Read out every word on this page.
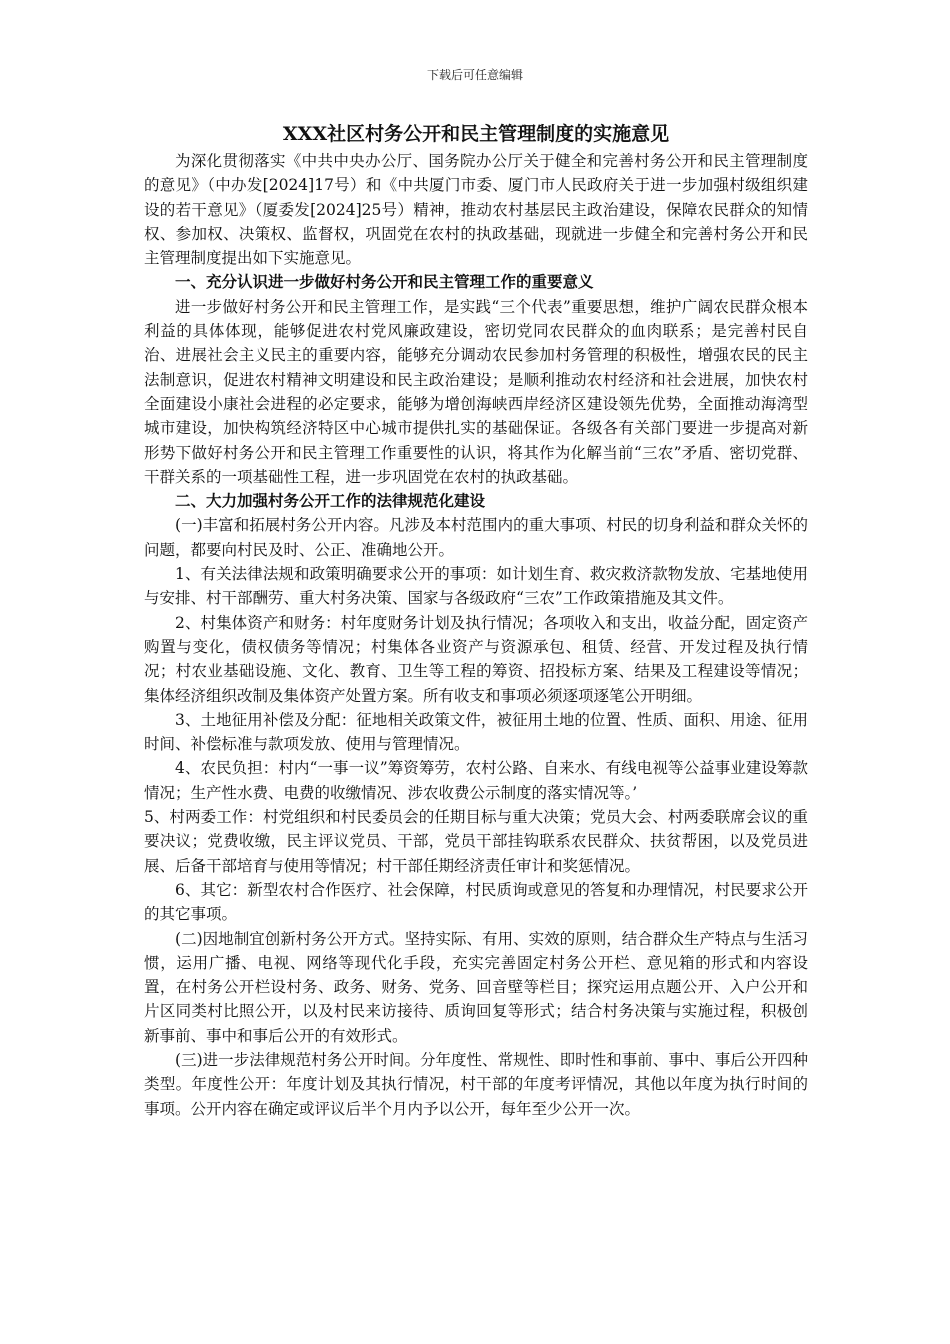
下载后可任意编辑

XXX社区村务公开和民主管理制度的实施意见

为深化贯彻落实《中共中央办公厅、国务院办公厅关于健全和完善村务公开和民主管理制度的意见》（中办发[2024]17号）和《中共厦门市委、厦门市人民政府关于进一步加强村级组织建设的若干意见》（厦委发[2024]25号）精神，推动农村基层民主政治建设，保障农民群众的知情权、参加权、决策权、监督权，巩固党在农村的执政基础，现就进一步健全和完善村务公开和民主管理制度提出如下实施意见。

一、充分认识进一步做好村务公开和民主管理工作的重要意义

进一步做好村务公开和民主管理工作，是实践“三个代表”重要思想，维护广阔农民群众根本利益的具体体现，能够促进农村党风廉政建设，密切党同农民群众的血肉联系；是完善村民自治、进展社会主义民主的重要内容，能够充分调动农民参加村务管理的积极性，增强农民的民主法制意识，促进农村精神文明建设和民主政治建设；是顺利推动农村经济和社会进展，加快农村全面建设小康社会进程的必定要求，能够为增创海峡西岸经济区建设领先优势，全面推动海湾型城市建设，加快构筑经济特区中心城市提供扎实的基础保证。各级各有关部门要进一步提高对新形势下做好村务公开和民主管理工作重要性的认识，将其作为化解当前“三农”矛盾、密切党群、干群关系的一项基础性工程，进一步巩固党在农村的执政基础。

二、大力加强村务公开工作的法律规范化建设

(一)丰富和拓展村务公开内容。凡涉及本村范围内的重大事项、村民的切身利益和群众关怀的问题，都要向村民及时、公正、准确地公开。

1、有关法律法规和政策明确要求公开的事项：如计划生育、救灾救济款物发放、宅基地使用与安排、村干部酬劳、重大村务决策、国家与各级政府“三农”工作政策措施及其文件。

2、村集体资产和财务：村年度财务计划及执行情况；各项收入和支出，收益分配，固定资产购置与变化，债权债务等情况；村集体各业资产与资源承包、租赁、经营、开发过程及执行情况；村农业基础设施、文化、教育、卫生等工程的筹资、招投标方案、结果及工程建设等情况；集体经济组织改制及集体资产处置方案。所有收支和事项必须逐项逐笔公开明细。

3、土地征用补偿及分配：征地相关政策文件，被征用土地的位置、性质、面积、用途、征用时间、补偿标准与款项发放、使用与管理情况。

4、农民负担：村内“一事一议”筹资筹劳，农村公路、自来水、有线电视等公益事业建设筹款情况；生产性水费、电费的收缴情况、涉农收费公示制度的落实情况等。’

5、村两委工作：村党组织和村民委员会的任期目标与重大决策；党员大会、村两委联席会议的重要决议；党费收缴，民主评议党员、干部，党员干部挂钩联系农民群众、扶贫帮困，以及党员进展、后备干部培育与使用等情况；村干部任期经济责任审计和奖惩情况。

6、其它：新型农村合作医疗、社会保障，村民质询或意见的答复和办理情况，村民要求公开的其它事项。

(二)因地制宜创新村务公开方式。坚持实际、有用、实效的原则，结合群众生产特点与生活习惯，运用广播、电视、网络等现代化手段，充实完善固定村务公开栏、意见箱的形式和内容设置，在村务公开栏设村务、政务、财务、党务、回音壁等栏目；探究运用点题公开、入户公开和片区同类村比照公开，以及村民来访接待、质询回复等形式；结合村务决策与实施过程，积极创新事前、事中和事后公开的有效形式。

(三)进一步法律规范村务公开时间。分年度性、常规性、即时性和事前、事中、事后公开四种类型。年度性公开：年度计划及其执行情况，村干部的年度考评情况，其他以年度为执行时间的事项。公开内容在确定或评议后半个月内予以公开，每年至少公开一次。
